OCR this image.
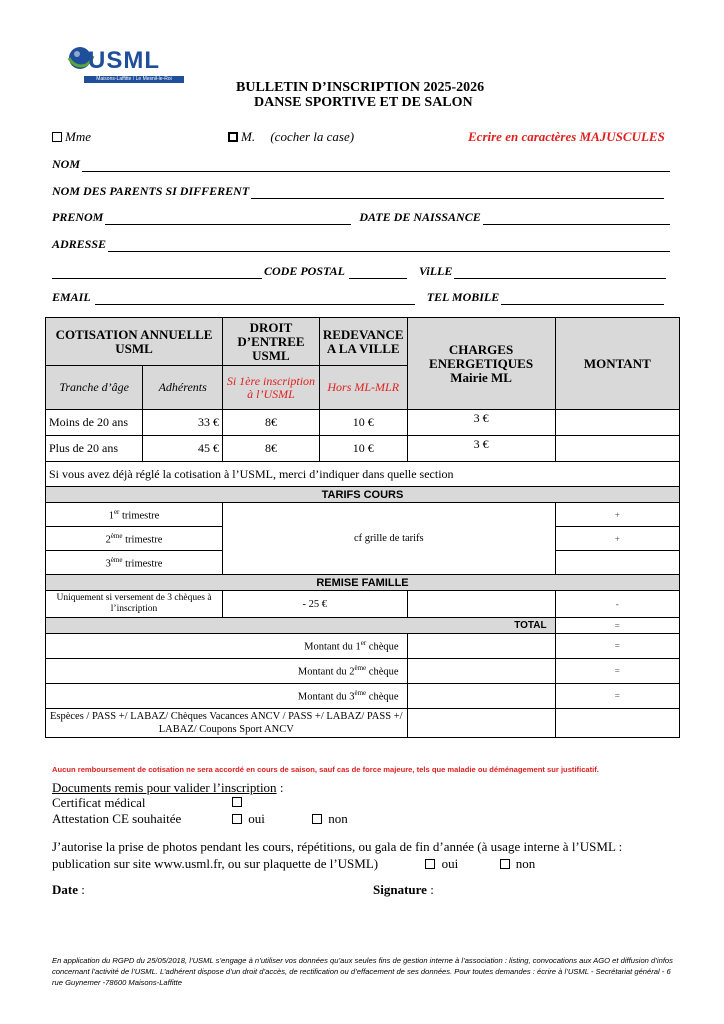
USML
Maisons-Laffitte / Le Mesnil-le-Roi
BULLETIN D’INSCRIPTION 2025-2026
DANSE SPORTIVE ET DE SALON
Mme	M. (cocher la case)	Ecrire en caractères MAJUSCULES
NOM
NOM DES PARENTS SI DIFFERENT
PRENOM	DATE DE NAISSANCE
ADRESSE
CODE POSTAL	ViLLE
EMAIL	TEL MOBILE
COTISATION ANNUELLE USML		DROIT D’ENTREE USML	REDEVANCE A LA VILLE	CHARGES ENERGETIQUES Mairie ML	MONTANT
Tranche d’âge	Adhérents	Si 1ère inscription à l’USML	Hors ML-MLR		
Moins de 20 ans	33 €	8€	10 €	3 €	
Plus de 20 ans	45 €	8€	10 €	3 €	
Si vous avez déjà réglé la cotisation à l’USML, merci d’indiquer dans quelle section					
TARIFS COURS					
1er trimestre		cf grille de tarifs			+
2ème trimestre					+
3ème trimestre					
REMISE FAMILLE					
Uniquement si versement de 3 chèques à l’inscription		- 25 €			-
TOTAL					=
Montant du 1er chèque					=
Montant du 2ème chèque					=
Montant du 3ème chèque					=
Espèces / PASS +/ LABAZ/ Chèques Vacances ANCV / PASS +/ LABAZ/ PASS +/ LABAZ/ Coupons Sport ANCV					
Aucun remboursement de cotisation ne sera accordé en cours de saison, sauf cas de force majeure, tels que maladie ou déménagement sur justificatif.
Documents remis pour valider l’inscription :
Certificat médical
Attestation CE souhaitée	oui	non
J’autorise la prise de photos pendant les cours, répétitions, ou gala de fin d’année (à usage interne à l’USML : publication sur site www.usml.fr, ou sur plaquette de l’USML)	oui	non
Date :	Signature :
En application du RGPD du 25/05/2018, l’USML s’engage à n’utiliser vos données qu’aux seules fins de gestion interne à l’association : listing, convocations aux AGO et diffusion d’infos concernant l’activité de l’USML. L’adhérent dispose d’un droit d’accès, de rectification ou d’effacement de ses données. Pour toutes demandes : écrire à l’USML - Secrétariat général - 6 rue Guynemer -78600 Maisons-Laffitte
